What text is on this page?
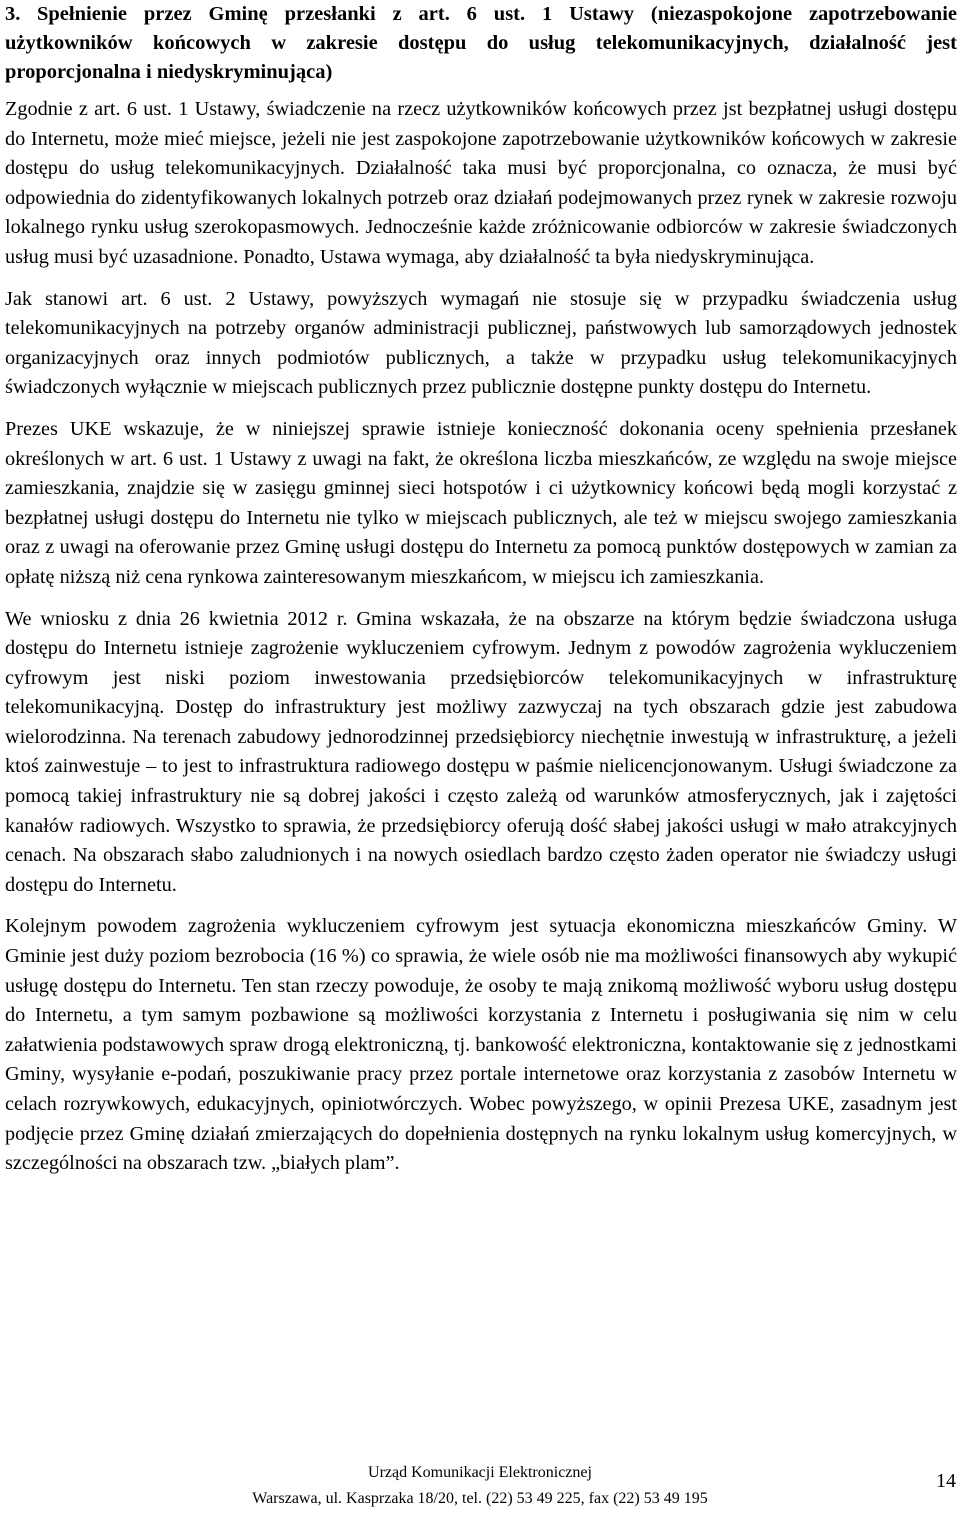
3. Spełnienie przez Gminę przesłanki z art. 6 ust. 1 Ustawy (niezaspokojone zapotrzebowanie użytkowników końcowych w zakresie dostępu do usług telekomunikacyjnych, działalność jest proporcjonalna i niedyskryminująca)

Zgodnie z art. 6 ust. 1 Ustawy, świadczenie na rzecz użytkowników końcowych przez jst bezpłatnej usługi dostępu do Internetu, może mieć miejsce, jeżeli nie jest zaspokojone zapotrzebowanie użytkowników końcowych w zakresie dostępu do usług telekomunikacyjnych. Działalność taka musi być proporcjonalna, co oznacza, że musi być odpowiednia do zidentyfikowanych lokalnych potrzeb oraz działań podejmowanych przez rynek w zakresie rozwoju lokalnego rynku usług szerokopasmowych. Jednocześnie każde zróżnicowanie odbiorców w zakresie świadczonych usług musi być uzasadnione. Ponadto, Ustawa wymaga, aby działalność ta była niedyskryminująca.

Jak stanowi art. 6 ust. 2 Ustawy, powyższych wymagań nie stosuje się w przypadku świadczenia usług telekomunikacyjnych na potrzeby organów administracji publicznej, państwowych lub samorządowych jednostek organizacyjnych oraz innych podmiotów publicznych, a także w przypadku usług telekomunikacyjnych świadczonych wyłącznie w miejscach publicznych przez publicznie dostępne punkty dostępu do Internetu.

Prezes UKE wskazuje, że w niniejszej sprawie istnieje konieczność dokonania oceny spełnienia przesłanek określonych w art. 6 ust. 1 Ustawy z uwagi na fakt, że określona liczba mieszkańców, ze względu na swoje miejsce zamieszkania, znajdzie się w zasięgu gminnej sieci hotspotów i ci użytkownicy końcowi będą mogli korzystać z bezpłatnej usługi dostępu do Internetu nie tylko w miejscach publicznych, ale też w miejscu swojego zamieszkania oraz z uwagi na oferowanie przez Gminę usługi dostępu do Internetu za pomocą punktów dostępowych w zamian za opłatę niższą niż cena rynkowa zainteresowanym mieszkańcom, w miejscu ich zamieszkania.

We wniosku z dnia 26 kwietnia 2012 r. Gmina wskazała, że na obszarze na którym będzie świadczona usługa dostępu do Internetu istnieje zagrożenie wykluczeniem cyfrowym. Jednym z powodów zagrożenia wykluczeniem cyfrowym jest niski poziom inwestowania przedsiębiorców telekomunikacyjnych w infrastrukturę telekomunikacyjną. Dostęp do infrastruktury jest możliwy zazwyczaj na tych obszarach gdzie jest zabudowa wielorodzinna. Na terenach zabudowy jednorodzinnej przedsiębiorcy niechętnie inwestują w infrastrukturę, a jeżeli ktoś zainwestuje – to jest to infrastruktura radiowego dostępu w paśmie nielicencjonowanym. Usługi świadczone za pomocą takiej infrastruktury nie są dobrej jakości i często zależą od warunków atmosferycznych, jak i zajętości kanałów radiowych. Wszystko to sprawia, że przedsiębiorcy oferują dość słabej jakości usługi w mało atrakcyjnych cenach. Na obszarach słabo zaludnionych i na nowych osiedlach bardzo często żaden operator nie świadczy usługi dostępu do Internetu.

Kolejnym powodem zagrożenia wykluczeniem cyfrowym jest sytuacja ekonomiczna mieszkańców Gminy. W Gminie jest duży poziom bezrobocia (16 %) co sprawia, że wiele osób nie ma możliwości finansowych aby wykupić usługę dostępu do Internetu. Ten stan rzeczy powoduje, że osoby te mają znikomą możliwość wyboru usług dostępu do Internetu, a tym samym pozbawione są możliwości korzystania z Internetu i posługiwania się nim w celu załatwienia podstawowych spraw drogą elektroniczną, tj. bankowość elektroniczna, kontaktowanie się z jednostkami Gminy, wysyłanie e-podań, poszukiwanie pracy przez portale internetowe oraz korzystania z zasobów Internetu w celach rozrywkowych, edukacyjnych, opiniotwórczych. Wobec powyższego, w opinii Prezesa UKE, zasadnym jest podjęcie przez Gminę działań zmierzających do dopełnienia dostępnych na rynku lokalnym usług komercyjnych, w szczególności na obszarach tzw. „białych plam”.

Urząd Komunikacji Elektronicznej
Warszawa, ul. Kasprzaka 18/20, tel. (22) 53 49 225, fax (22) 53 49 195
14
